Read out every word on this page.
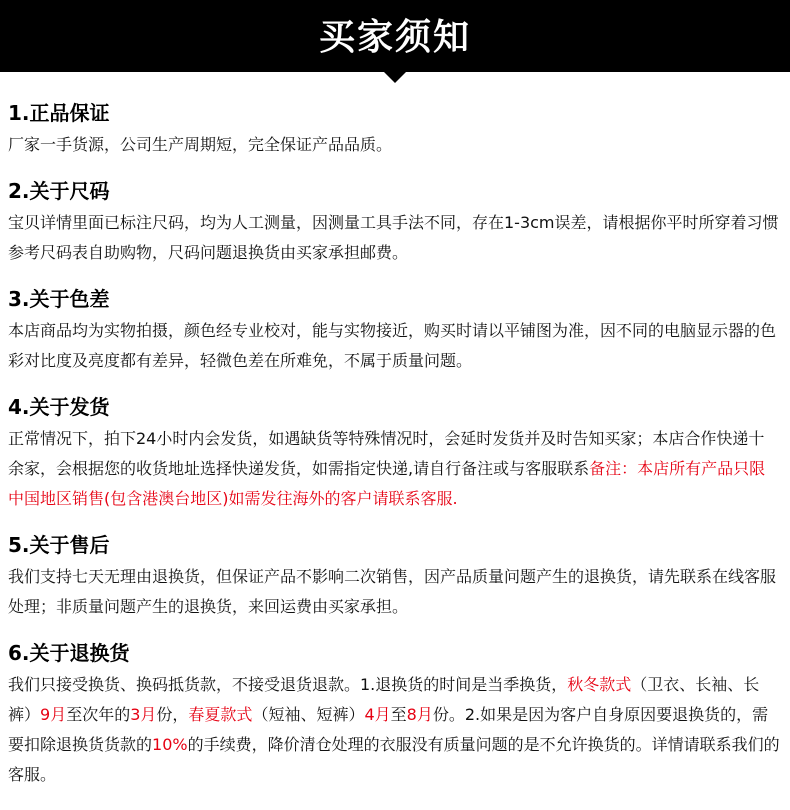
买家须知
1.正品保证
厂家一手货源，公司生产周期短，完全保证产品品质。
2.关于尺码
宝贝详情里面已标注尺码，均为人工测量，因测量工具手法不同，存在1-3cm误差，请根据你平时所穿着习惯参考尺码表自助购物，尺码问题退换货由买家承担邮费。
3.关于色差
本店商品均为实物拍摄，颜色经专业校对，能与实物接近，购买时请以平铺图为准，因不同的电脑显示器的色彩对比度及亮度都有差异，轻微色差在所难免，不属于质量问题。
4.关于发货
正常情况下，拍下24小时内会发货，如遇缺货等特殊情况时，会延时发货并及时告知买家；本店合作快递十余家，会根据您的收货地址选择快递发货，如需指定快递,请自行备注或与客服联系备注：本店所有产品只限中国地区销售(包含港澳台地区)如需发往海外的客户请联系客服.
5.关于售后
我们支持七天无理由退换货，但保证产品不影响二次销售，因产品质量问题产生的退换货，请先联系在线客服处理；非质量问题产生的退换货，来回运费由买家承担。
6.关于退换货
我们只接受换货、换码抵货款，不接受退货退款。1.退换货的时间是当季换货，秋冬款式（卫衣、长袖、长裤）9月至次年的3月份，春夏款式（短袖、短裤）4月至8月份。2.如果是因为客户自身原因要退换货的，需要扣除退换货货款的10%的手续费，降价清仓处理的衣服没有质量问题的是不允许换货的。详情请联系我们的客服。
